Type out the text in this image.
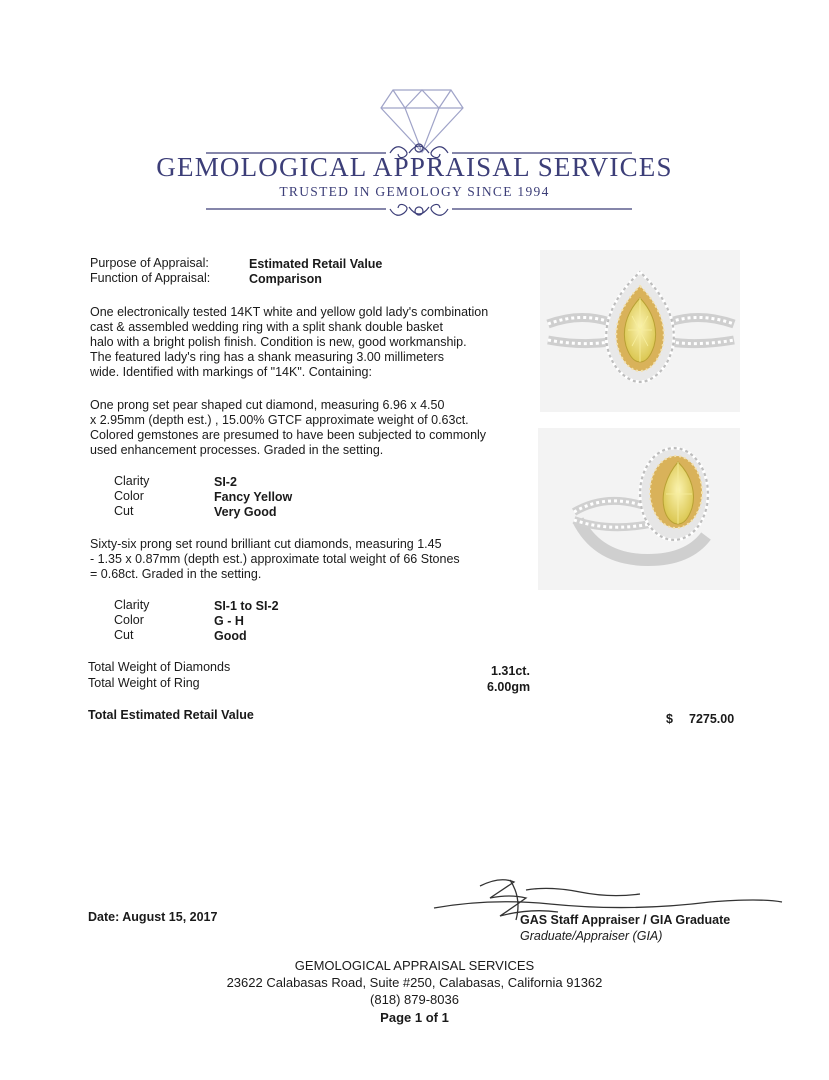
GEMOLOGICAL APPRAISAL SERVICES
TRUSTED IN GEMOLOGY SINCE 1994
Purpose of Appraisal:	Estimated Retail Value
Function of Appraisal:	Comparison
One electronically tested 14KT white and yellow gold lady's combination
cast & assembled wedding ring with a split shank double basket
halo with a bright polish finish. Condition is new, good workmanship.
The featured lady's ring has a shank measuring 3.00 millimeters
wide. Identified with markings of "14K". Containing:
One prong set pear shaped cut diamond, measuring 6.96 x 4.50
x 2.95mm (depth est.) , 15.00% GTCF approximate weight of 0.63ct.
Colored gemstones are presumed to have been subjected to commonly
used enhancement processes. Graded in the setting.
Clarity	SI-2
Color	Fancy Yellow
Cut	Very Good
Sixty-six prong set round brilliant cut diamonds, measuring 1.45
- 1.35 x 0.87mm (depth est.) approximate total weight of 66 Stones
= 0.68ct. Graded in the setting.
Clarity	SI-1 to SI-2
Color	G - H
Cut	Good
Total Weight of Diamonds	1.31ct.
Total Weight of Ring	6.00gm
Total Estimated Retail Value	$ 7275.00
Date: August 15, 2017	GAS Staff Appraiser / GIA Graduate
Graduate/Appraiser (GIA)
GEMOLOGICAL APPRAISAL SERVICES
23622 Calabasas Road, Suite #250, Calabasas, California 91362
(818) 879-8036
Page 1 of 1
